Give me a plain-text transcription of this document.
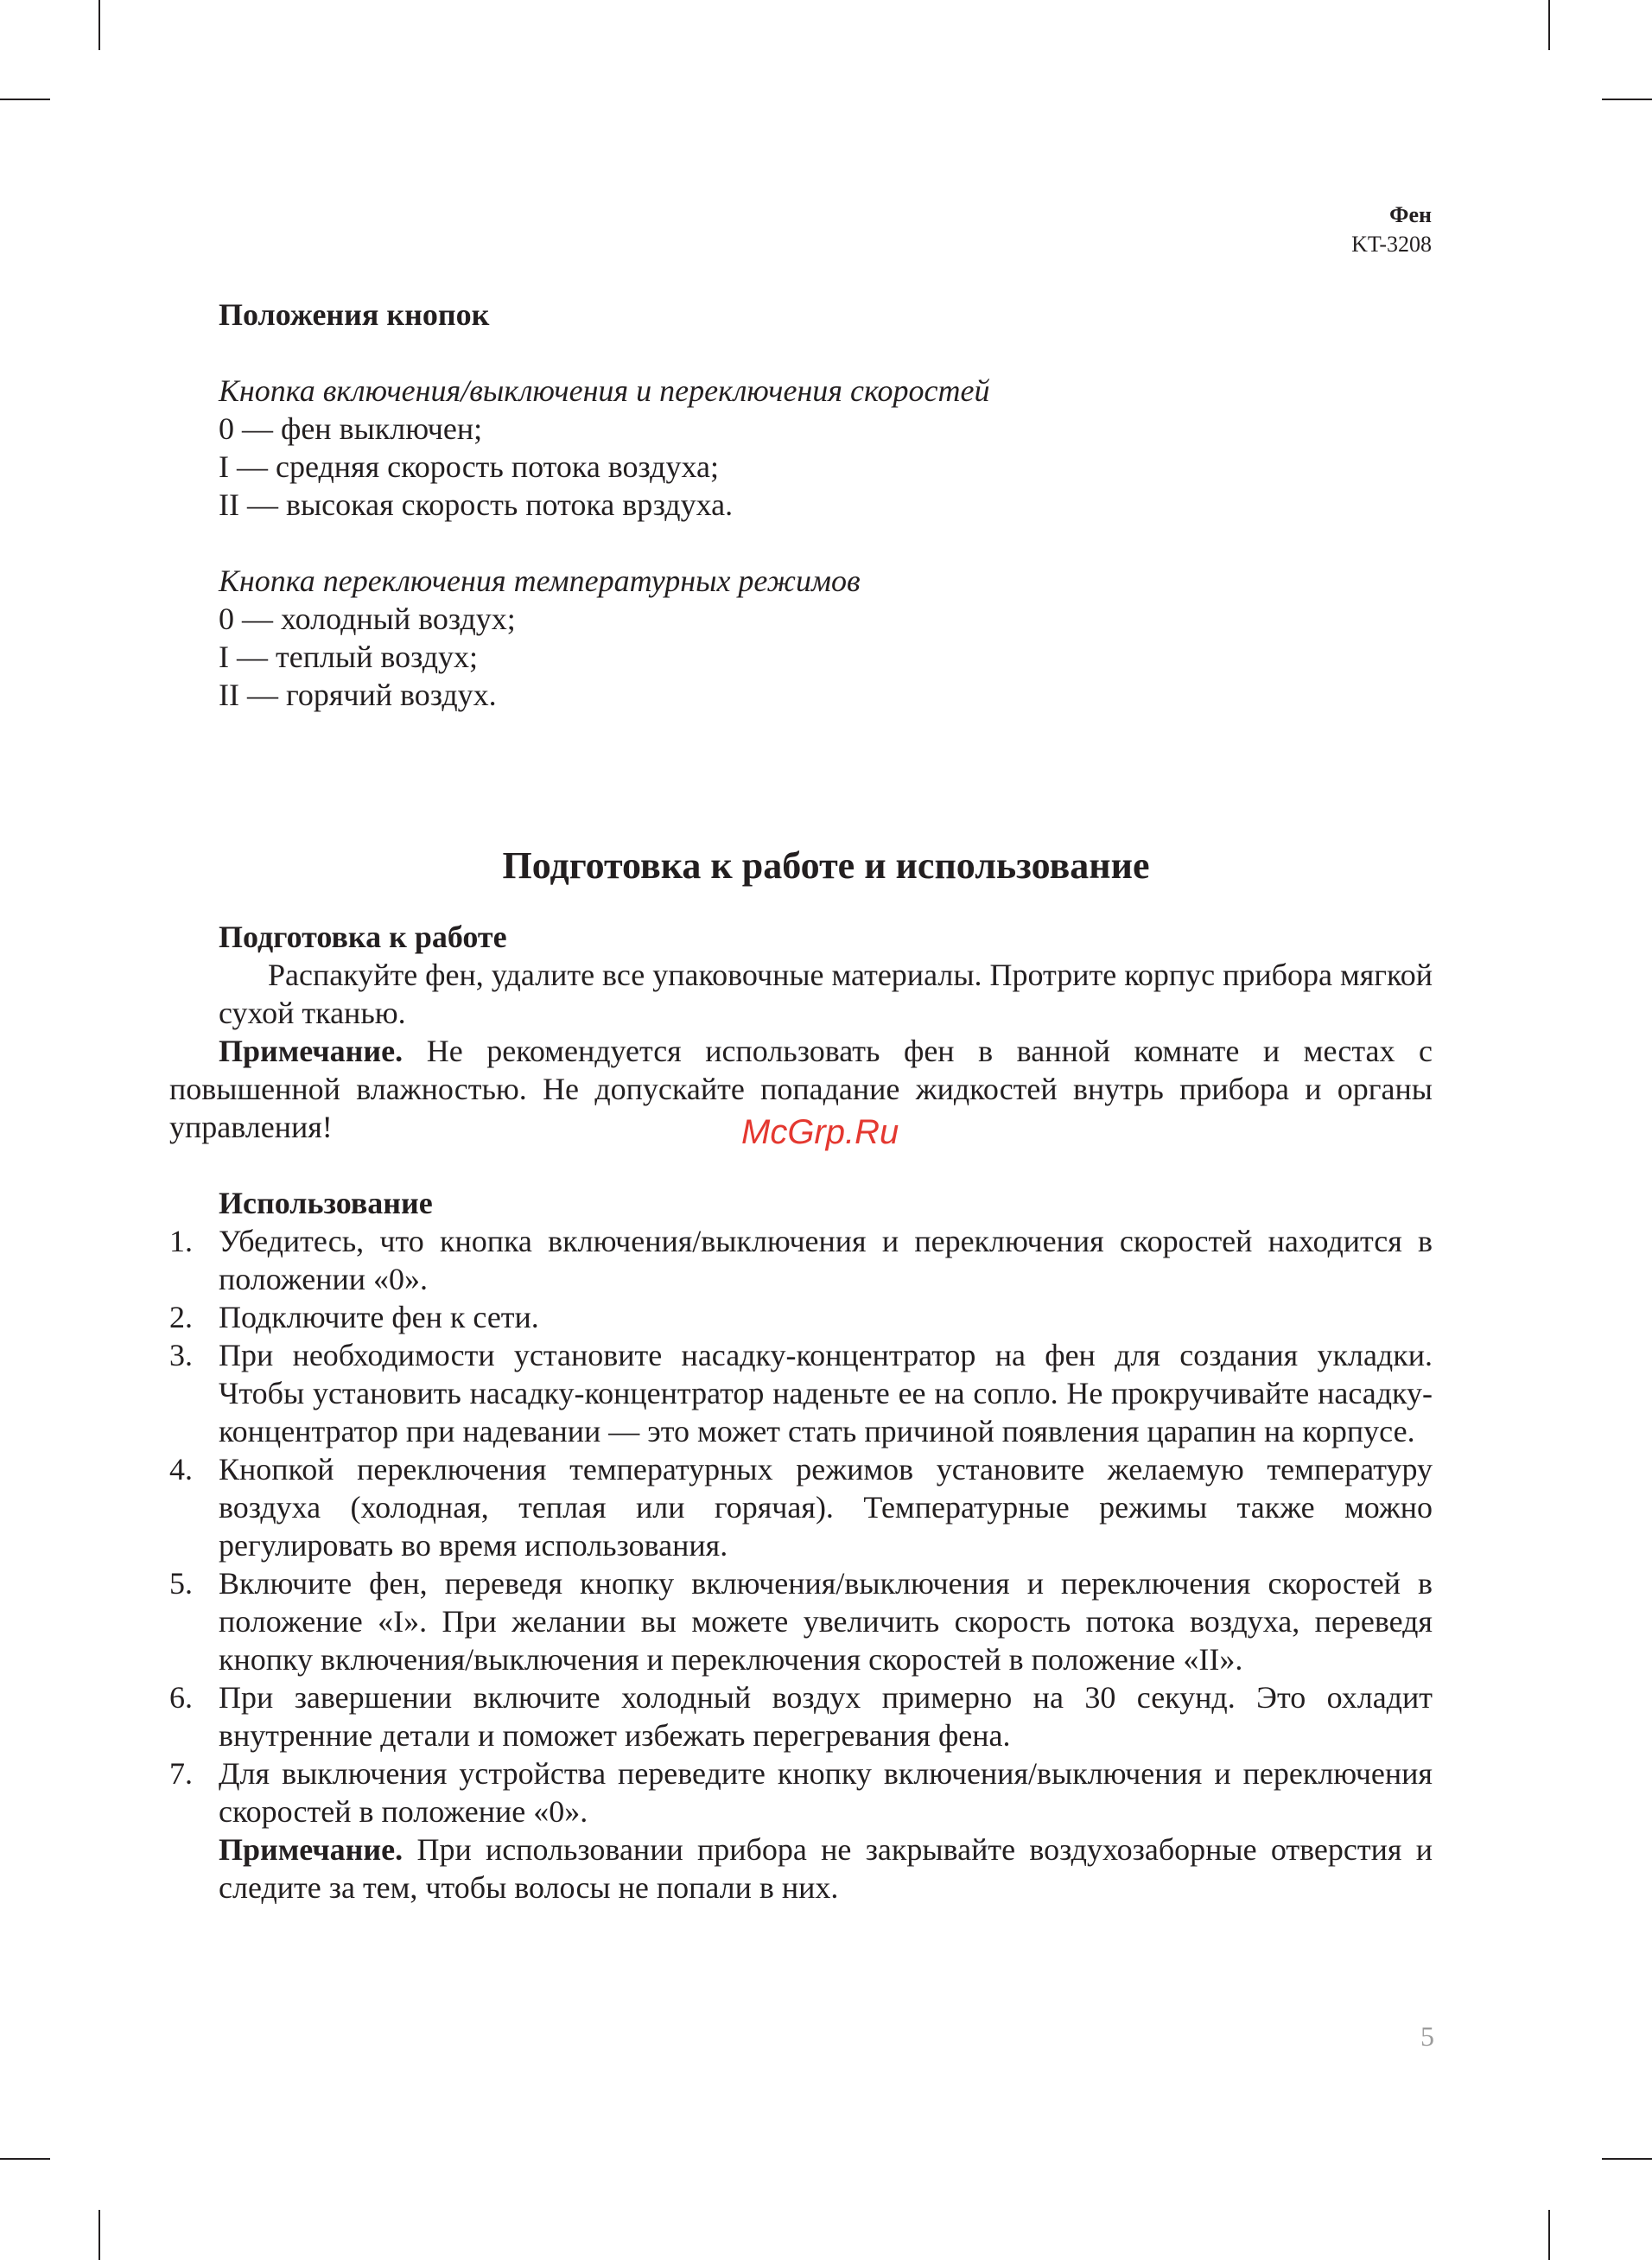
Фен
KT-3208
Положения кнопок
Кнопка включения/выключения и переключения скоростей
0 — фен выключен;
I — средняя скорость потока воздуха;
II — высокая скорость потока врздуха.
Кнопка переключения температурных режимов
0 — холодный воздух;
I — теплый воздух;
II — горячий воздух.
Подготовка к работе и использование
Подготовка к работе

Распакуйте фен, удалите все упаковочные материалы. Протрите корпус прибора мягкой сухой тканью.

Примечание. Не рекомендуется использовать фен в ванной комнате и местах с повышенной влажностью. Не допускайте попадание жидкостей внутрь прибора и органы управления!

Использование
1. Убедитесь, что кнопка включения/выключения и переключения скоростей находится в положении «0».
2. Подключите фен к сети.
3. При необходимости установите насадку-концентратор на фен для создания укладки. Чтобы установить насадку-концентратор наденьте ее на сопло. Не прокручивайте насадку-концентратор при надевании — это может стать причиной появления царапин на корпусе.
4. Кнопкой переключения температурных режимов установите желаемую температуру воздуха (холодная, теплая или горячая). Температурные режимы также можно регулировать во время использования.
5. Включите фен, переведя кнопку включения/выключения и переключения скоростей в положение «I». При желании вы можете увеличить скорость потока воздуха, переведя кнопку включения/выключения и переключения скоростей в положение «II».
6. При завершении включите холодный воздух примерно на 30 секунд. Это охладит внутренние детали и поможет избежать перегревания фена.
7. Для выключения устройства переведите кнопку включения/выключения и переключения скоростей в положение «0».
Примечание. При использовании прибора не закрывайте воздухозаборные отверстия и следите за тем, чтобы волосы не попали в них.
McGrp.Ru
5
